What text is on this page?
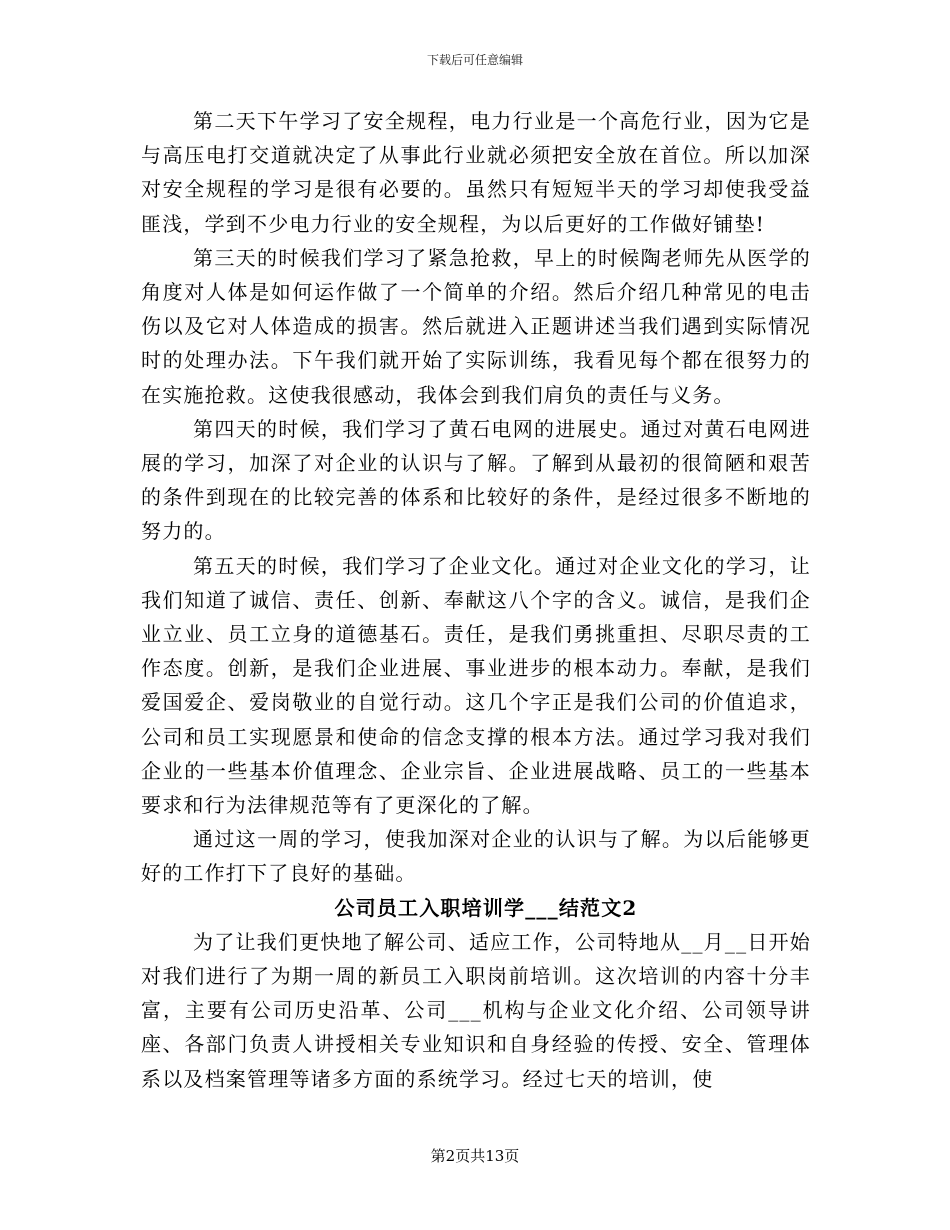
下载后可任意编辑

第二天下午学习了安全规程，电力行业是一个高危行业，因为它是与高压电打交道就决定了从事此行业就必须把安全放在首位。所以加深对安全规程的学习是很有必要的。虽然只有短短半天的学习却使我受益匪浅，学到不少电力行业的安全规程，为以后更好的工作做好铺垫!

第三天的时候我们学习了紧急抢救，早上的时候陶老师先从医学的角度对人体是如何运作做了一个简单的介绍。然后介绍几种常见的电击伤以及它对人体造成的损害。然后就进入正题讲述当我们遇到实际情况时的处理办法。下午我们就开始了实际训练，我看见每个都在很努力的在实施抢救。这使我很感动，我体会到我们肩负的责任与义务。

第四天的时候，我们学习了黄石电网的进展史。通过对黄石电网进展的学习，加深了对企业的认识与了解。了解到从最初的很简陋和艰苦的条件到现在的比较完善的体系和比较好的条件，是经过很多不断地的努力的。

第五天的时候，我们学习了企业文化。通过对企业文化的学习，让我们知道了诚信、责任、创新、奉献这八个字的含义。诚信，是我们企业立业、员工立身的道德基石。责任，是我们勇挑重担、尽职尽责的工作态度。创新，是我们企业进展、事业进步的根本动力。奉献，是我们爱国爱企、爱岗敬业的自觉行动。这几个字正是我们公司的价值追求，公司和员工实现愿景和使命的信念支撑的根本方法。通过学习我对我们企业的一些基本价值理念、企业宗旨、企业进展战略、员工的一些基本要求和行为法律规范等有了更深化的了解。

通过这一周的学习，使我加深对企业的认识与了解。为以后能够更好的工作打下了良好的基础。

公司员工入职培训学___结范文2

为了让我们更快地了解公司、适应工作，公司特地从__月__日开始对我们进行了为期一周的新员工入职岗前培训。这次培训的内容十分丰富，主要有公司历史沿革、公司___机构与企业文化介绍、公司领导讲座、各部门负责人讲授相关专业知识和自身经验的传授、安全、管理体系以及档案管理等诸多方面的系统学习。经过七天的培训，使

第2页共13页
